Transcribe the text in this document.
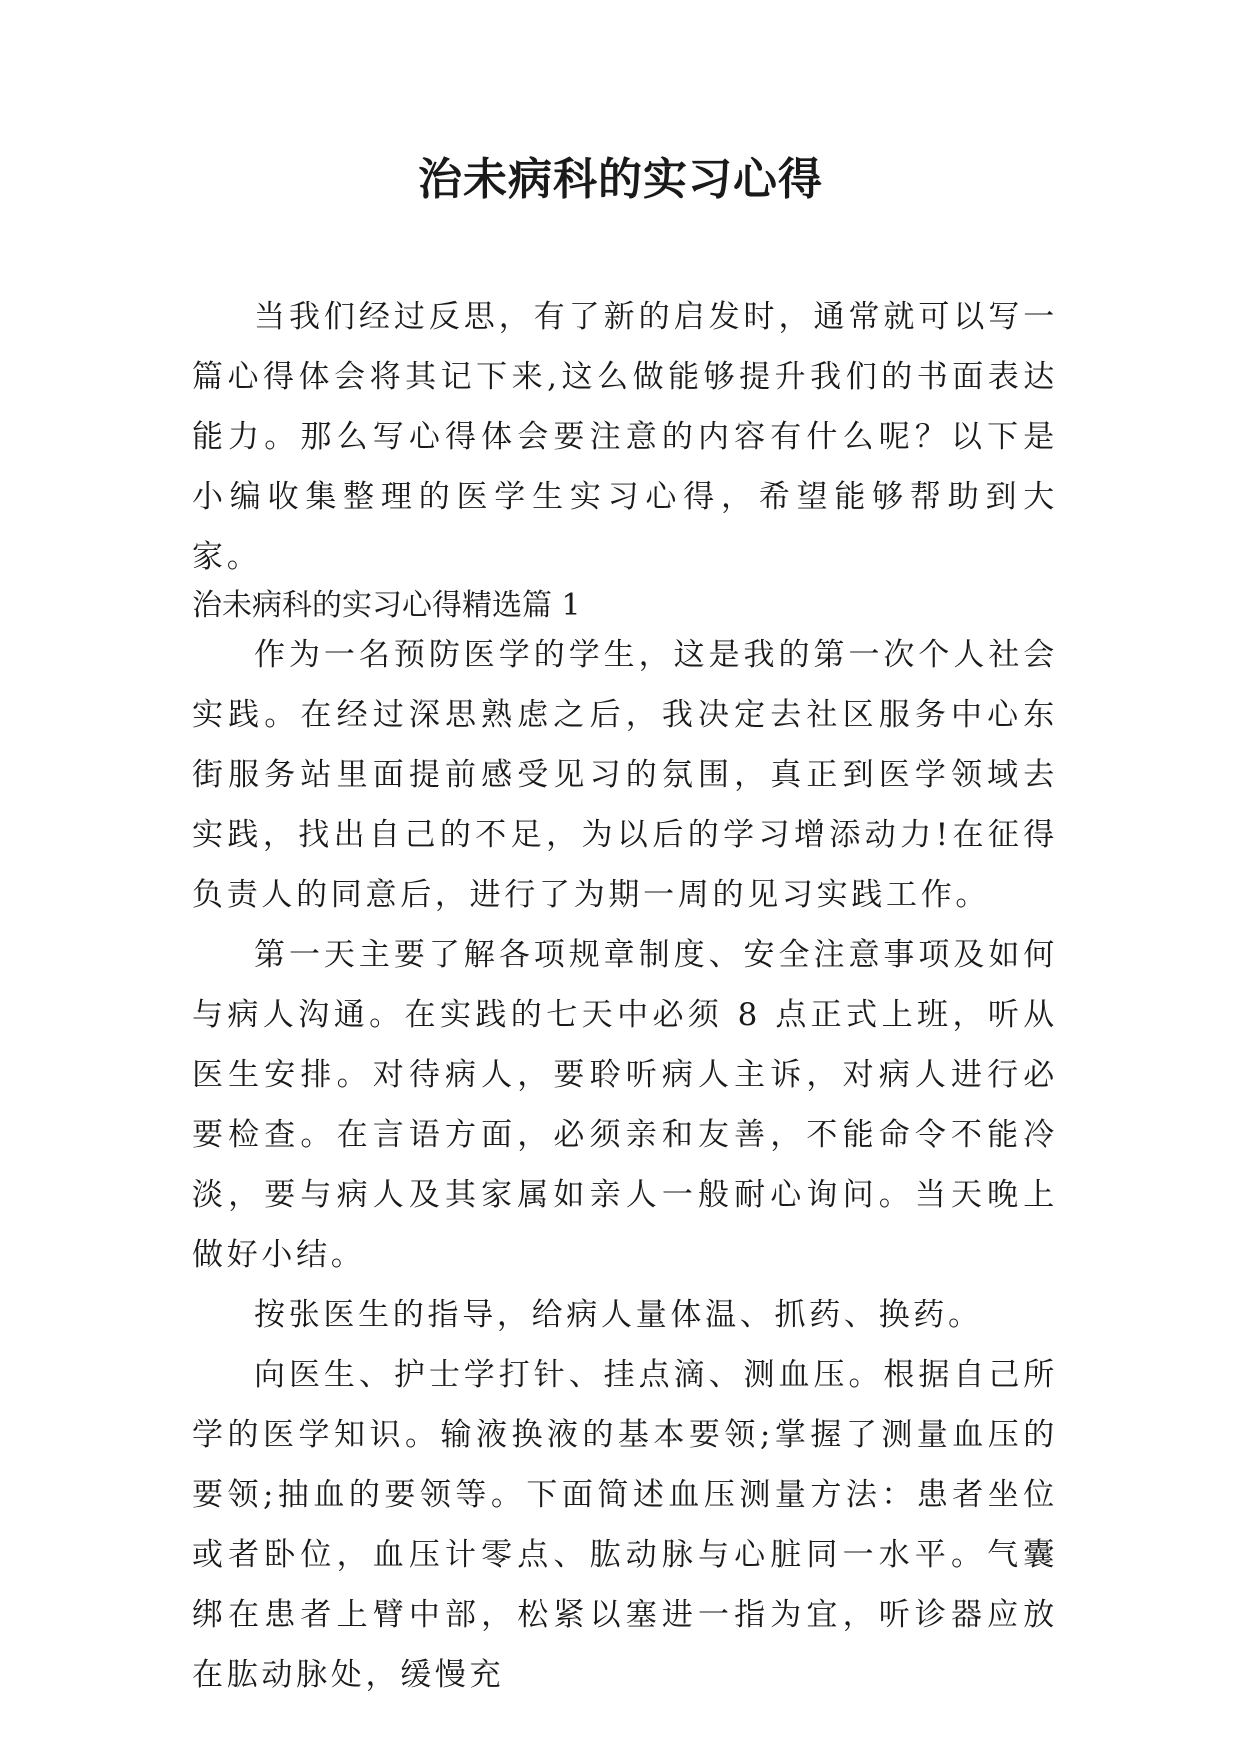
治未病科的实习心得

当我们经过反思，有了新的启发时，通常就可以写一篇心得体会将其记下来,这么做能够提升我们的书面表达能力。那么写心得体会要注意的内容有什么呢？以下是小编收集整理的医学生实习心得，希望能够帮助到大家。

治未病科的实习心得精选篇 1

作为一名预防医学的学生，这是我的第一次个人社会实践。在经过深思熟虑之后，我决定去社区服务中心东街服务站里面提前感受见习的氛围，真正到医学领域去实践，找出自己的不足，为以后的学习增添动力!在征得负责人的同意后，进行了为期一周的见习实践工作。

第一天主要了解各项规章制度、安全注意事项及如何与病人沟通。在实践的七天中必须 8 点正式上班，听从医生安排。对待病人，要聆听病人主诉，对病人进行必要检查。在言语方面，必须亲和友善，不能命令不能冷淡，要与病人及其家属如亲人一般耐心询问。当天晚上做好小结。

按张医生的指导，给病人量体温、抓药、换药。

向医生、护士学打针、挂点滴、测血压。根据自己所学的医学知识。输液换液的基本要领;掌握了测量血压的要领;抽血的要领等。下面简述血压测量方法：患者坐位或者卧位，血压计零点、肱动脉与心脏同一水平。气囊绑在患者上臂中部，松紧以塞进一指为宜，听诊器应放在肱动脉处，缓慢充
